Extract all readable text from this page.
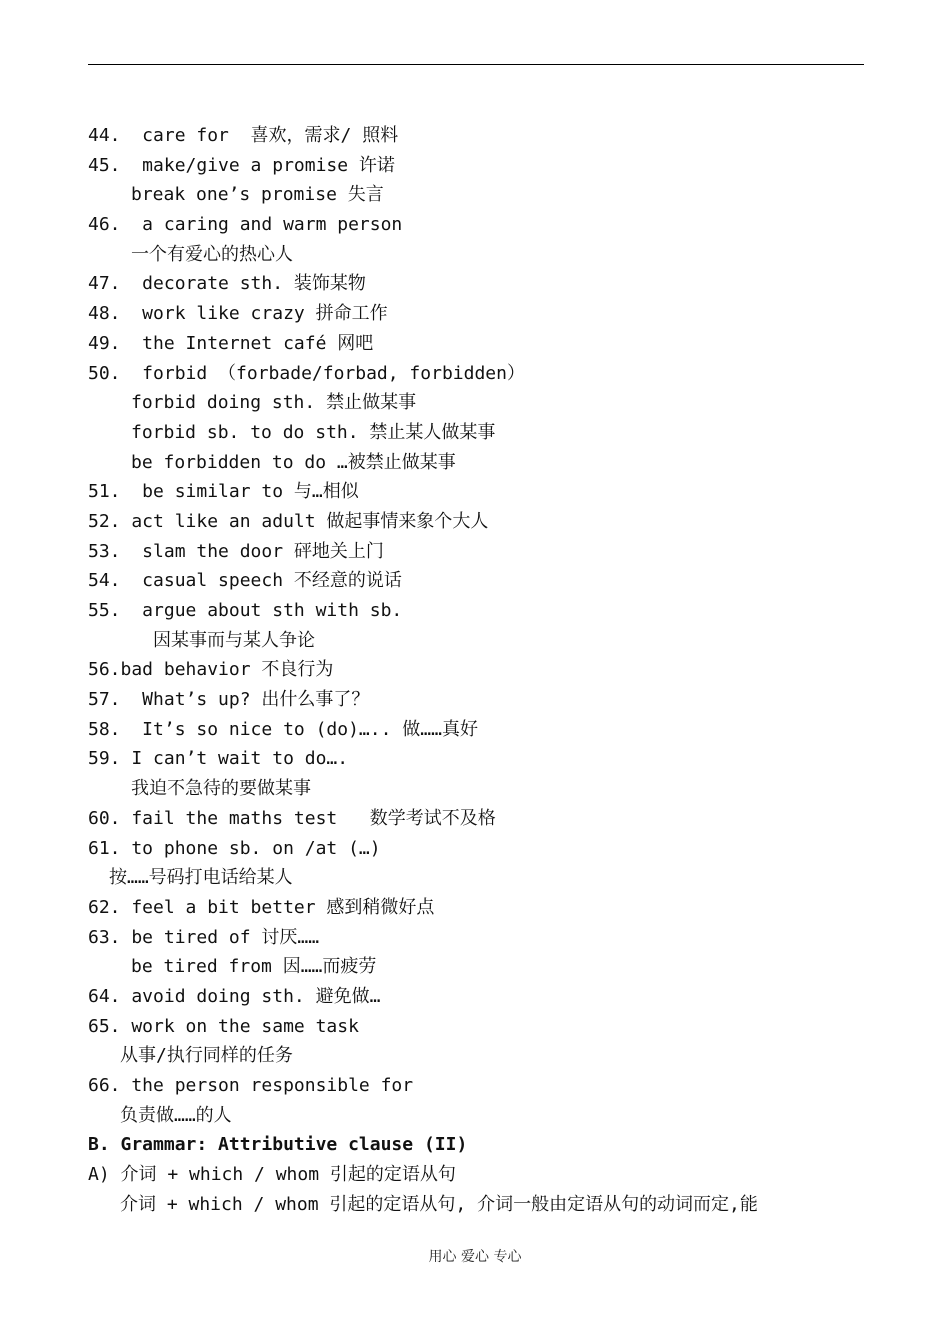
44.  care for  喜欢，需求/ 照料
45.  make/give a promise 许诺
break one’s promise 失言
46.  a caring and warm person
一个有爱心的热心人
47.  decorate sth. 装饰某物
48.  work like crazy 拼命工作
49.  the Internet café 网吧
50.  forbid （forbade/forbad, forbidden）
forbid doing sth. 禁止做某事
forbid sb. to do sth. 禁止某人做某事
be forbidden to do …被禁止做某事
51.  be similar to 与…相似
52. act like an adult 做起事情来象个大人
53.  slam the door 砰地关上门
54.  casual speech 不经意的说话
55.  argue about sth with sb.
因某事而与某人争论
56.bad behavior 不良行为
57.  What’s up? 出什么事了？
58.  It’s so nice to (do)….. 做……真好
59. I can’t wait to do….
我迫不急待的要做某事
60. fail the maths test   数学考试不及格
61. to phone sb. on /at (…)
按……号码打电话给某人
62. feel a bit better 感到稍微好点
63. be tired of 讨厌……
be tired from 因……而疲劳
64. avoid doing sth. 避免做…
65. work on the same task
从事/执行同样的任务
66. the person responsible for
负责做……的人
B. Grammar: Attributive clause (II)
A) 介词 + which / whom 引起的定语从句
介词 + which / whom 引起的定语从句, 介词一般由定语从句的动词而定,能
用心 爱心 专心
